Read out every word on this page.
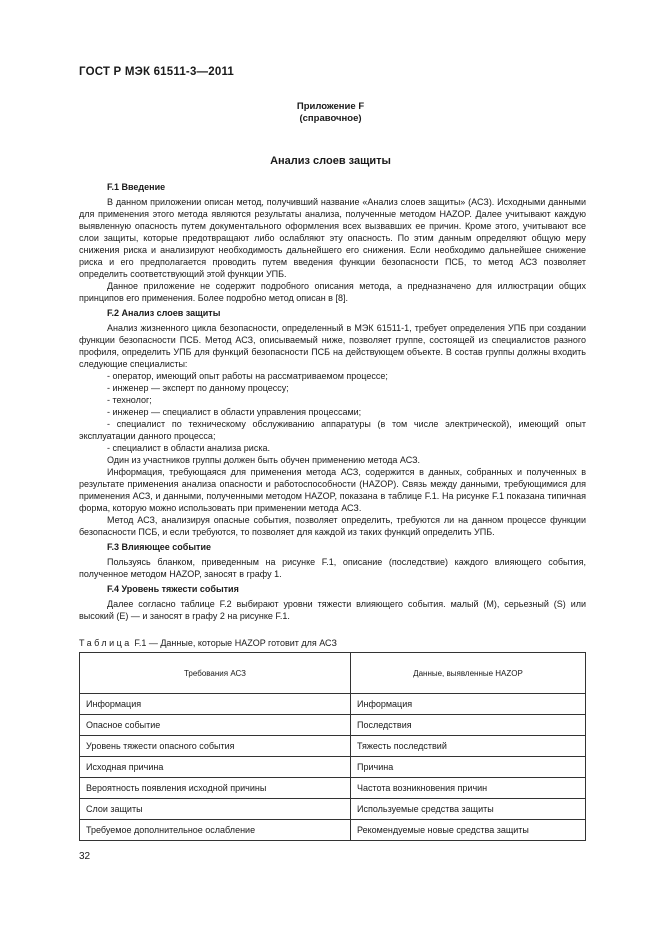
ГОСТ Р МЭК 61511-3—2011
Приложение F
(справочное)
Анализ слоев защиты
F.1 Введение

В данном приложении описан метод, получивший название «Анализ слоев защиты» (АСЗ). Исходными данными для применения этого метода являются результаты анализа, полученные методом HAZOP. Далее учитывают каждую выявленную опасность путем документального оформления всех вызвавших ее причин. Кроме этого, учитывают все слои защиты, которые предотвращают либо ослабляют эту опасность. По этим данным определяют общую меру снижения риска и анализируют необходимость дальнейшего его снижения. Если необходимо дальнейшее снижение риска и его предполагается проводить путем введения функции безопасности ПСБ, то метод АСЗ позволяет определить соответствующий этой функции УПБ.

Данное приложение не содержит подробного описания метода, а предназначено для иллюстрации общих принципов его применения. Более подробно метод описан в [8].

F.2 Анализ слоев защиты

Анализ жизненного цикла безопасности, определенный в МЭК 61511-1, требует определения УПБ при создании функции безопасности ПСБ. Метод АСЗ, описываемый ниже, позволяет группе, состоящей из специалистов разного профиля, определить УПБ для функций безопасности ПСБ на действующем объекте. В состав группы должны входить следующие специалисты:

- оператор, имеющий опыт работы на рассматриваемом процессе;
- инженер — эксперт по данному процессу;
- технолог;
- инженер — специалист в области управления процессами;
- специалист по техническому обслуживанию аппаратуры (в том числе электрической), имеющий опыт эксплуатации данного процесса;
- специалист в области анализа риска.

Один из участников группы должен быть обучен применению метода АСЗ.

Информация, требующаяся для применения метода АСЗ, содержится в данных, собранных и полученных в результате применения анализа опасности и работоспособности (HAZOP). Связь между данными, требующимися для применения АСЗ, и данными, полученными методом HAZOP, показана в таблице F.1. На рисунке F.1 показана типичная форма, которую можно использовать при применении метода АСЗ.

Метод АСЗ, анализируя опасные события, позволяет определить, требуются ли на данном процессе функции безопасности ПСБ, и если требуются, то позволяет для каждой из таких функций определить УПБ.

F.3 Влияющее событие

Пользуясь бланком, приведенным на рисунке F.1, описание (последствие) каждого влияющего события, полученное методом HAZOP, заносят в графу 1.

F.4 Уровень тяжести события

Далее согласно таблице F.2 выбирают уровни тяжести влияющего события. малый (М), серьезный (S) или высокий (Е) — и заносят в графу 2 на рисунке F.1.

Таблица F.1 — Данные, которые HAZOP готовит для АСЗ
Требования АСЗ	Данные, выявленные HAZOP
Информация	Информация
Опасное событие	Последствия
Уровень тяжести опасного события	Тяжесть последствий
Исходная причина	Причина
Вероятность появления исходной причины	Частота возникновения причин
Слои защиты	Используемые средства защиты
Требуемое дополнительное ослабление	Рекомендуемые новые средства защиты
32
